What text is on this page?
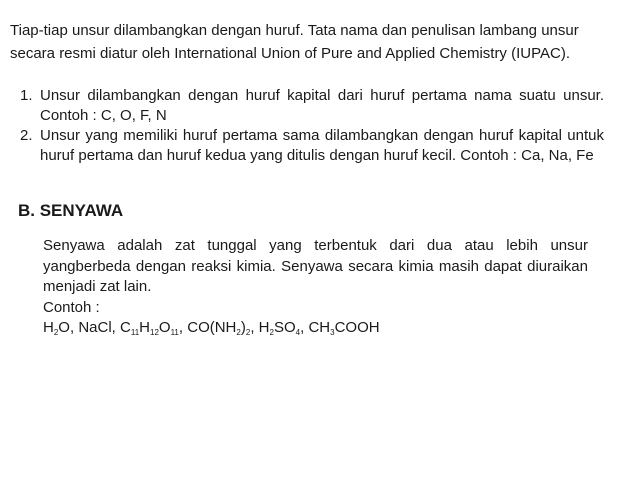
Tiap-tiap unsur dilambangkan dengan huruf. Tata nama dan penulisan lambang unsur secara resmi diatur oleh International Union of Pure and Applied Chemistry (IUPAC).

1. Unsur dilambangkan dengan huruf kapital dari huruf pertama nama suatu unsur. Contoh : C, O, F, N
2. Unsur yang memiliki huruf pertama sama dilambangkan dengan huruf kapital untuk huruf pertama dan huruf kedua yang ditulis dengan huruf kecil. Contoh : Ca, Na, Fe
B. SENYAWA
Senyawa adalah zat tunggal yang terbentuk dari dua atau lebih unsur yangberbeda dengan reaksi kimia. Senyawa secara kimia masih dapat diuraikan menjadi zat lain.
Contoh :
$H_2O$, NaCl, $C_{11}H_{12}O_{11}$, $CO(NH_2)_2$, $H_2SO_4$, $CH_3COOH$
